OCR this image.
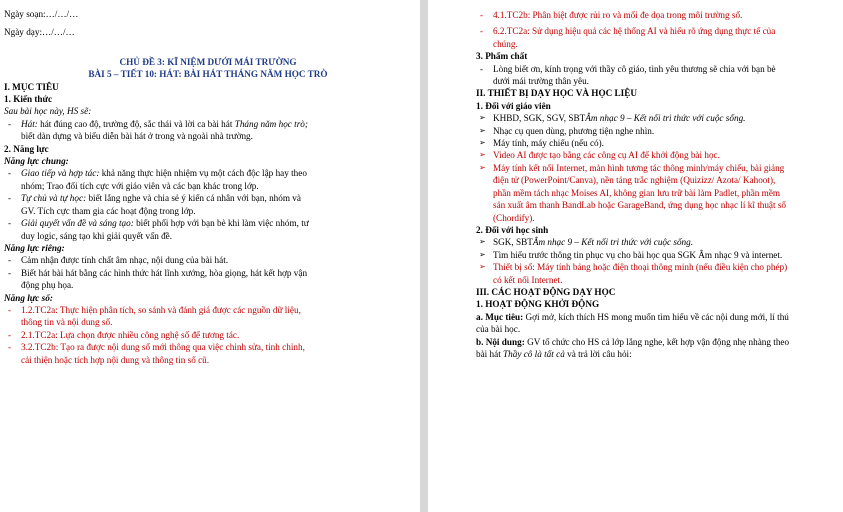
Ngày soạn:…/…/…
Ngày dạy:…/…/…
CHỦ ĐỀ 3: KĨ NIỆM DƯỚI MÁI TRƯỜNG
BÀI 5 – TIẾT 10: HÁT: BÀI HÁT THÁNG NĂM HỌC TRÒ
I. MỤC TIÊU
1. Kiến thức
Sau bài học này, HS sẽ:
- Hát: hát đúng cao độ, trường độ, sắc thái và lời ca bài hát Tháng năm học trò;
biết dàn dựng và biểu diễn bài hát ở trong và ngoài nhà trường.
2. Năng lực
Năng lực chung:
- Giao tiếp và hợp tác: khả năng thực hiện nhiệm vụ một cách độc lập hay theo
nhóm; Trao đổi tích cực với giáo viên và các bạn khác trong lớp.
- Tự chủ và tự học: biết lắng nghe và chia sẻ ý kiến cá nhân với bạn, nhóm và
GV. Tích cực tham gia các hoạt động trong lớp.
- Giải quyết vấn đề và sáng tạo: biết phối hợp với bạn bè khi làm việc nhóm, tư
duy logic, sáng tạo khi giải quyết vấn đề.
Năng lực riêng:
- Cảm nhận được tính chất âm nhạc, nội dung của bài hát.
- Biết hát bài hát bằng các hình thức hát lĩnh xướng, hòa giọng, hát kết hợp vận
động phụ họa.
Năng lực số:
- 1.2.TC2a: Thực hiện phân tích, so sánh và đánh giá được các nguồn dữ liệu,
thông tin và nội dung số.
- 2.1.TC2a: Lựa chọn được nhiều công nghệ số để tương tác.
- 3.2.TC2b: Tạo ra được nội dung số mới thông qua việc chỉnh sửa, tinh chỉnh,
cải thiện hoặc tích hợp nội dung và thông tin số cũ.
- 4.1.TC2b: Phân biệt được rủi ro và mối đe dọa trong môi trường số.
- 6.2.TC2a: Sử dụng hiệu quả các hệ thống AI và hiểu rõ ứng dụng thực tế của
chúng.
3. Phẩm chất
- Lòng biết ơn, kính trọng với thầy cô giáo, tình yêu thương sẽ chia với bạn bè
dưới mái trường thân yêu.
II. THIẾT BỊ DẠY HỌC VÀ HỌC LIỆU
1. Đối với giáo viên
➢ KHBD, SGK, SGV, SBTÂm nhạc 9 – Kết nối tri thức với cuộc sống.
➢ Nhạc cụ quen dùng, phương tiện nghe nhìn.
➢ Máy tính, máy chiếu (nếu có).
➢ Video AI được tạo bằng các công cụ AI để khởi động bài học.
➢ Máy tính kết nối Internet, màn hình tương tác thông minh/máy chiếu, bài giảng
điện tử (PowerPoint/Canva), nền tảng trắc nghiệm (Quizizz/ Azota/ Kahoot),
phần mềm tách nhạc Moises AI, không gian lưu trữ bài làm Padlet, phần mềm
sản xuất âm thanh BandLab hoặc GarageBand, ứng dụng học nhạc lí kĩ thuật số
(Chordify).
2. Đối với học sinh
➢ SGK, SBTÂm nhạc 9 – Kết nối tri thức với cuộc sống.
➢ Tìm hiểu trước thông tin phục vụ cho bài học qua SGK Âm nhạc 9 và internet.
➢ Thiết bị số: Máy tính bảng hoặc điện thoại thông minh (nếu điều kiện cho phép)
có kết nối Internet.
III. CÁC HOẠT ĐỘNG DẠY HỌC
1. HOẠT ĐỘNG KHỞI ĐỘNG
a. Mục tiêu: Gợi mở, kích thích HS mong muốn tìm hiểu về các nội dung mới, lí thú
của bài học.
b. Nội dung: GV tổ chức cho HS cả lớp lắng nghe, kết hợp vận động nhẹ nhàng theo
bài hát Thầy cô là tất cả và trả lời câu hỏi:
